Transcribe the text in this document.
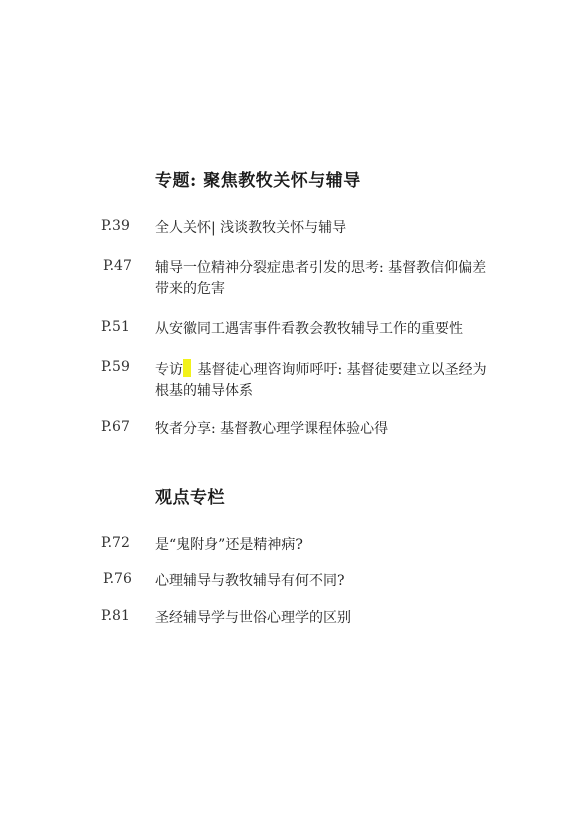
专题: 聚焦教牧关怀与辅导
P.39 全人关怀| 浅谈教牧关怀与辅导
P.47 辅导一位精神分裂症患者引发的思考: 基督教信仰偏差带来的危害
P.51 从安徽同工遇害事件看教会教牧辅导工作的重要性
P.59 专访 基督徒心理咨询师呼吁: 基督徒要建立以圣经为根基的辅导体系
P.67 牧者分享: 基督教心理学课程体验心得
观点专栏
P.72 是“鬼附身”还是精神病?
P.76 心理辅导与教牧辅导有何不同?
P.81 圣经辅导学与世俗心理学的区别
